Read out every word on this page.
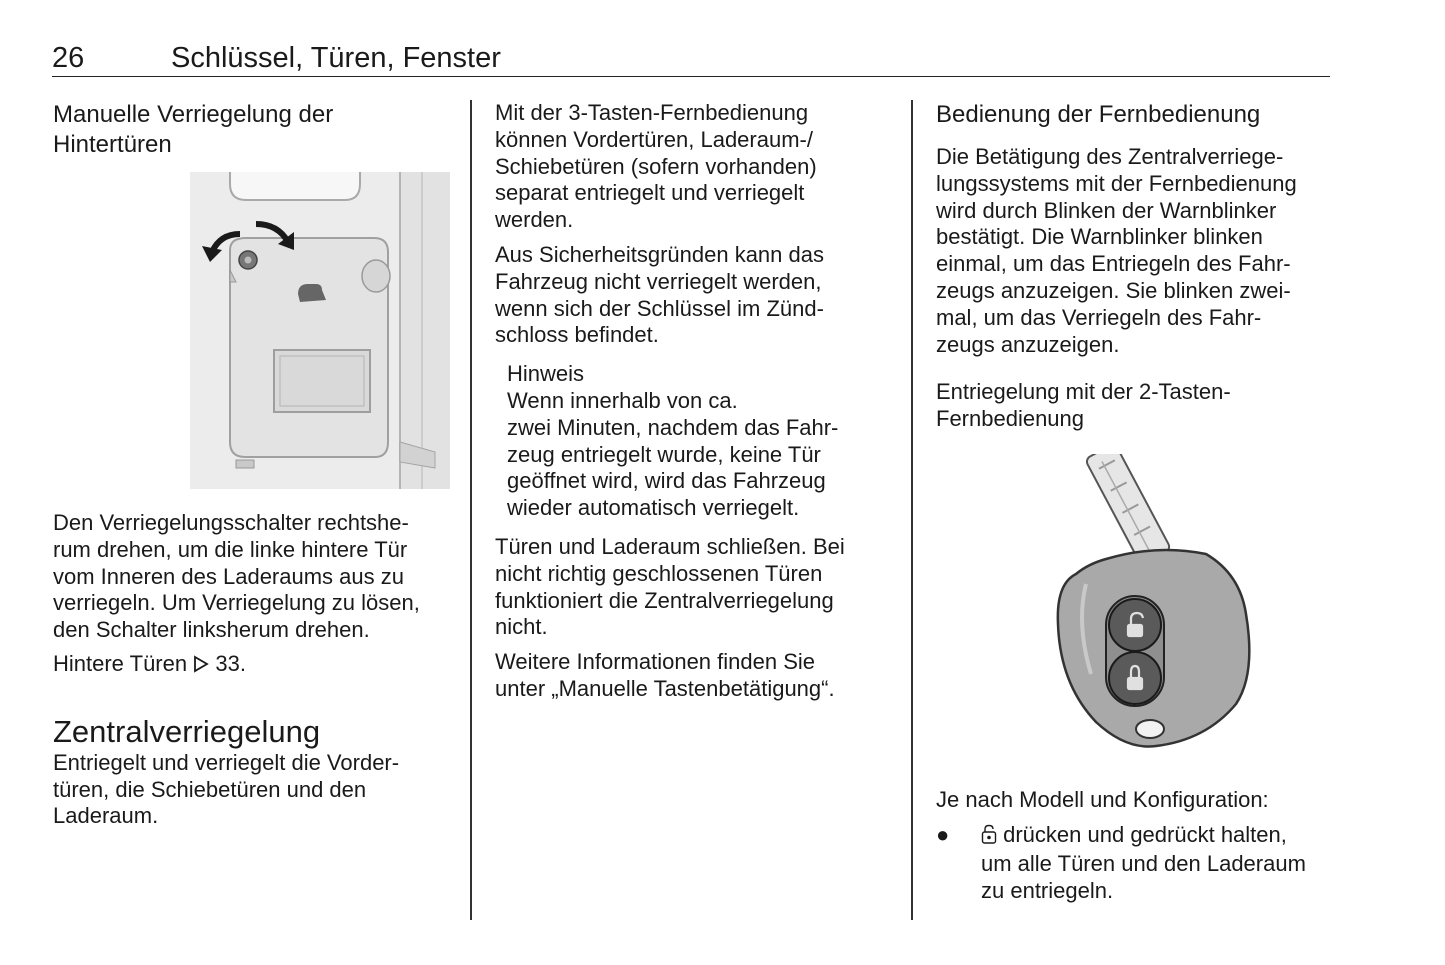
26	Schlüssel, Türen, Fenster
Manuelle Verriegelung der
Hintertüren

Den Verriegelungsschalter rechtshe-
rum drehen, um die linke hintere Tür
vom Inneren des Laderaums aus zu
verriegeln. Um Verriegelung zu lösen,
den Schalter linksherum drehen.

Hintere Türen 33.

Zentralverriegelung

Entriegelt und verriegelt die Vorder-
türen, die Schiebetüren und den
Laderaum.

Mit der 3-Tasten-Fernbedienung
können Vordertüren, Laderaum-/
Schiebetüren (sofern vorhanden)
separat entriegelt und verriegelt
werden.

Aus Sicherheitsgründen kann das
Fahrzeug nicht verriegelt werden,
wenn sich der Schlüssel im Zünd-
schloss befindet.

Hinweis

Wenn innerhalb von ca.
zwei Minuten, nachdem das Fahr-
zeug entriegelt wurde, keine Tür
geöffnet wird, wird das Fahrzeug
wieder automatisch verriegelt.

Türen und Laderaum schließen. Bei
nicht richtig geschlossenen Türen
funktioniert die Zentralverriegelung
nicht.

Weitere Informationen finden Sie
unter „Manuelle Tastenbetätigung“.

Bedienung der Fernbedienung

Die Betätigung des Zentralverriege-
lungssystems mit der Fernbedienung
wird durch Blinken der Warnblinker
bestätigt. Die Warnblinker blinken
einmal, um das Entriegeln des Fahr-
zeugs anzuzeigen. Sie blinken zwei-
mal, um das Verriegeln des Fahr-
zeugs anzuzeigen.

Entriegelung mit der 2-Tasten-
Fernbedienung

Je nach Modell und Konfiguration:

●	drücken und gedrückt halten,
um alle Türen und den Laderaum
zu entriegeln.
